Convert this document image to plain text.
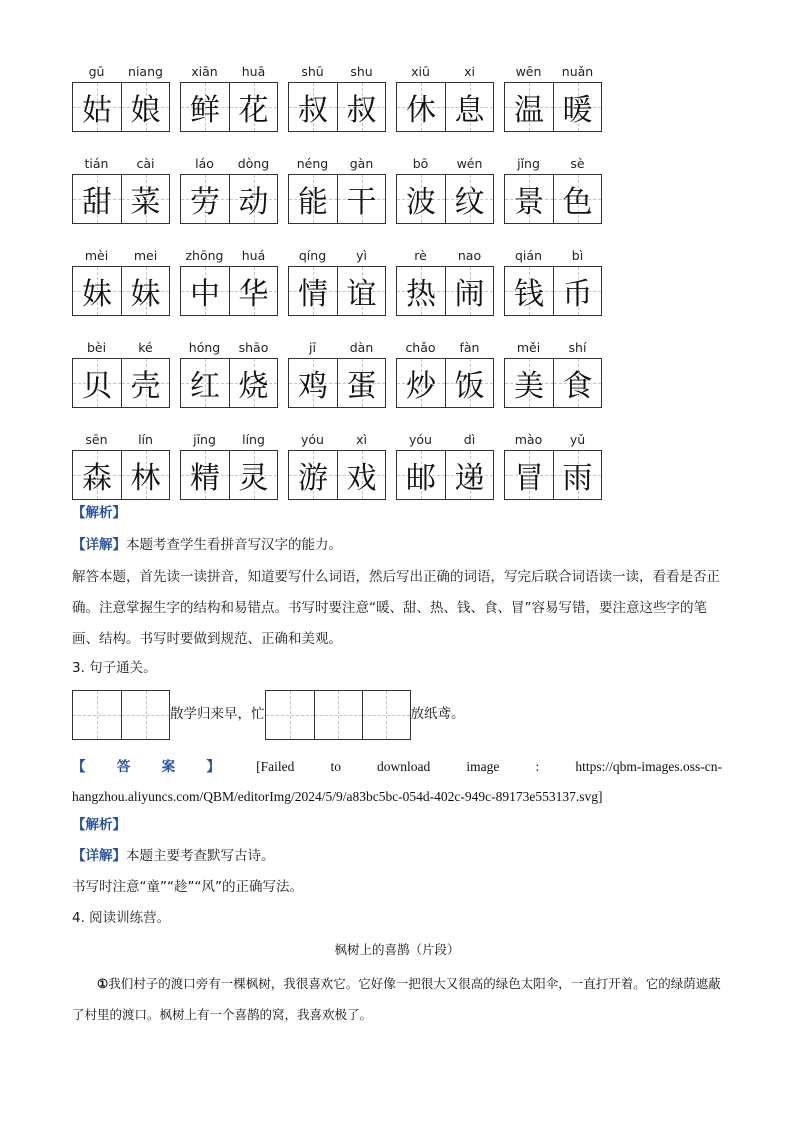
gū	niang
姑 娘
xiān	huā
鲜 花
shū	shu
叔 叔
xiū	xi
休 息
wēn	nuǎn
温 暖
tián	cài
甜 菜
láo	dòng
劳 动
néng	gàn
能 干
bō	wén
波 纹
jǐng	sè
景 色
mèi	mei
妹 妹
zhōng	huá
中 华
qíng	yì
情 谊
rè	nao
热 闹
qián	bì
钱 币
bèi	ké
贝 壳
hóng	shāo
红 烧
jī	dàn
鸡 蛋
chǎo	fàn
炒 饭
měi	shí
美 食
sēn	lín
森 林
jīng	líng
精 灵
yóu	xì
游 戏
yóu	dì
邮 递
mào	yǔ
冒 雨
【解析】
【详解】本题考查学生看拼音写汉字的能力。
解答本题，首先读一读拼音，知道要写什么词语，然后写出正确的词语，写完后联合词语读一读，看看是否正确。注意掌握生字的结构和易错点。书写时要注意“暖、甜、热、钱、食、冒”容易写错，要注意这些字的笔画、结构。书写时要做到规范、正确和美观。
3. 句子通关。
散学归来早，忙	放纸鸢。
【 答 案 】	[Failed	to	download	image	:	https://qbm-images.oss-cn-
hangzhou.aliyuncs.com/QBM/editorImg/2024/5/9/a83bc5bc-054d-402c-949c-89173e553137.svg]
【解析】
【详解】本题主要考查默写古诗。
书写时注意“童”“趁”“风”的正确写法。
4. 阅读训练营。
枫树上的喜鹊（片段）
①我们村子的渡口旁有一棵枫树，我很喜欢它。它好像一把很大又很高的绿色太阳伞，一直打开着。它的绿荫遮蔽了村里的渡口。枫树上有一个喜鹊的窝，我喜欢极了。
